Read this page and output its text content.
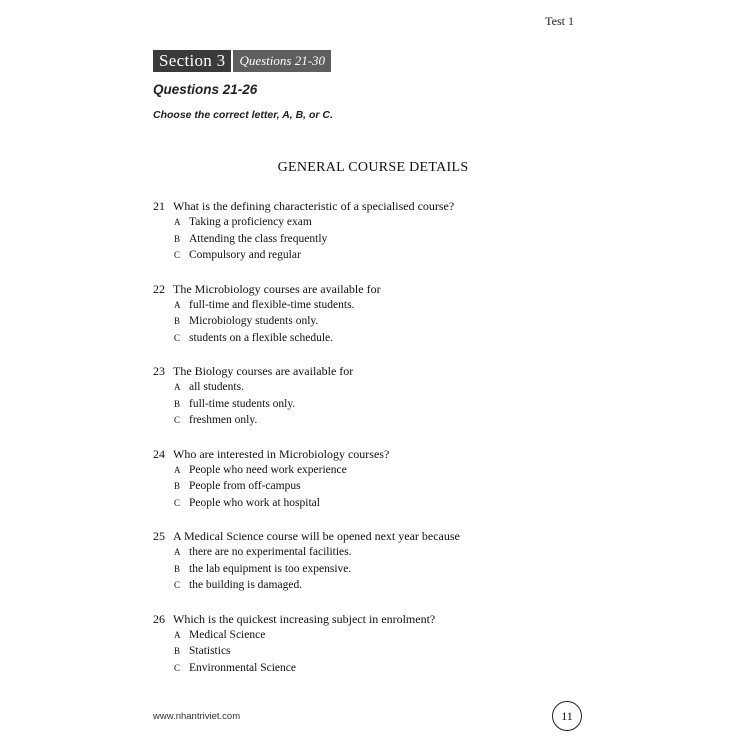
Test 1
Section 3	Questions 21-30
Questions 21-26
Choose the correct letter, A, B, or C.
GENERAL COURSE DETAILS
21 What is the defining characteristic of a specialised course?
A Taking a proficiency exam
B Attending the class frequently
C Compulsory and regular
22 The Microbiology courses are available for
A full-time and flexible-time students.
B Microbiology students only.
C students on a flexible schedule.
23 The Biology courses are available for
A all students.
B full-time students only.
C freshmen only.
24 Who are interested in Microbiology courses?
A People who need work experience
B People from off-campus
C People who work at hospital
25 A Medical Science course will be opened next year because
A there are no experimental facilities.
B the lab equipment is too expensive.
C the building is damaged.
26 Which is the quickest increasing subject in enrolment?
A Medical Science
B Statistics
C Environmental Science
www.nhantriviet.com	11
